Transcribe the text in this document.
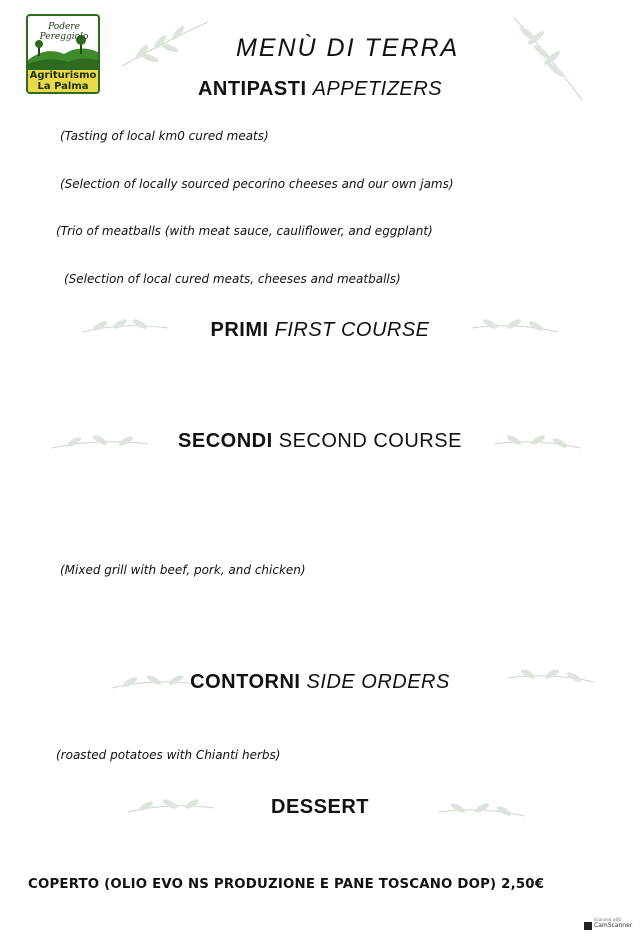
Podere Pereggiolo
Agriturismo
La Palma
MENÙ DI TERRA
ANTIPASTI APPETIZERS
(Tasting of local km0 cured meats)
(Selection of locally sourced pecorino cheeses and our own jams)
(Trio of meatballs (with meat sauce, cauliflower, and eggplant)
(Selection of local cured meats, cheeses and meatballs)
PRIMI FIRST COURSE
SECONDI SECOND COURSE
(Mixed grill with beef, pork, and chicken)
CONTORNI SIDE ORDERS
(roasted potatoes with Chianti herbs)
DESSERT
COPERTO (OLIO EVO NS PRODUZIONE E PANE TOSCANO DOP) 2,50€
Scanned with
CamScanner
